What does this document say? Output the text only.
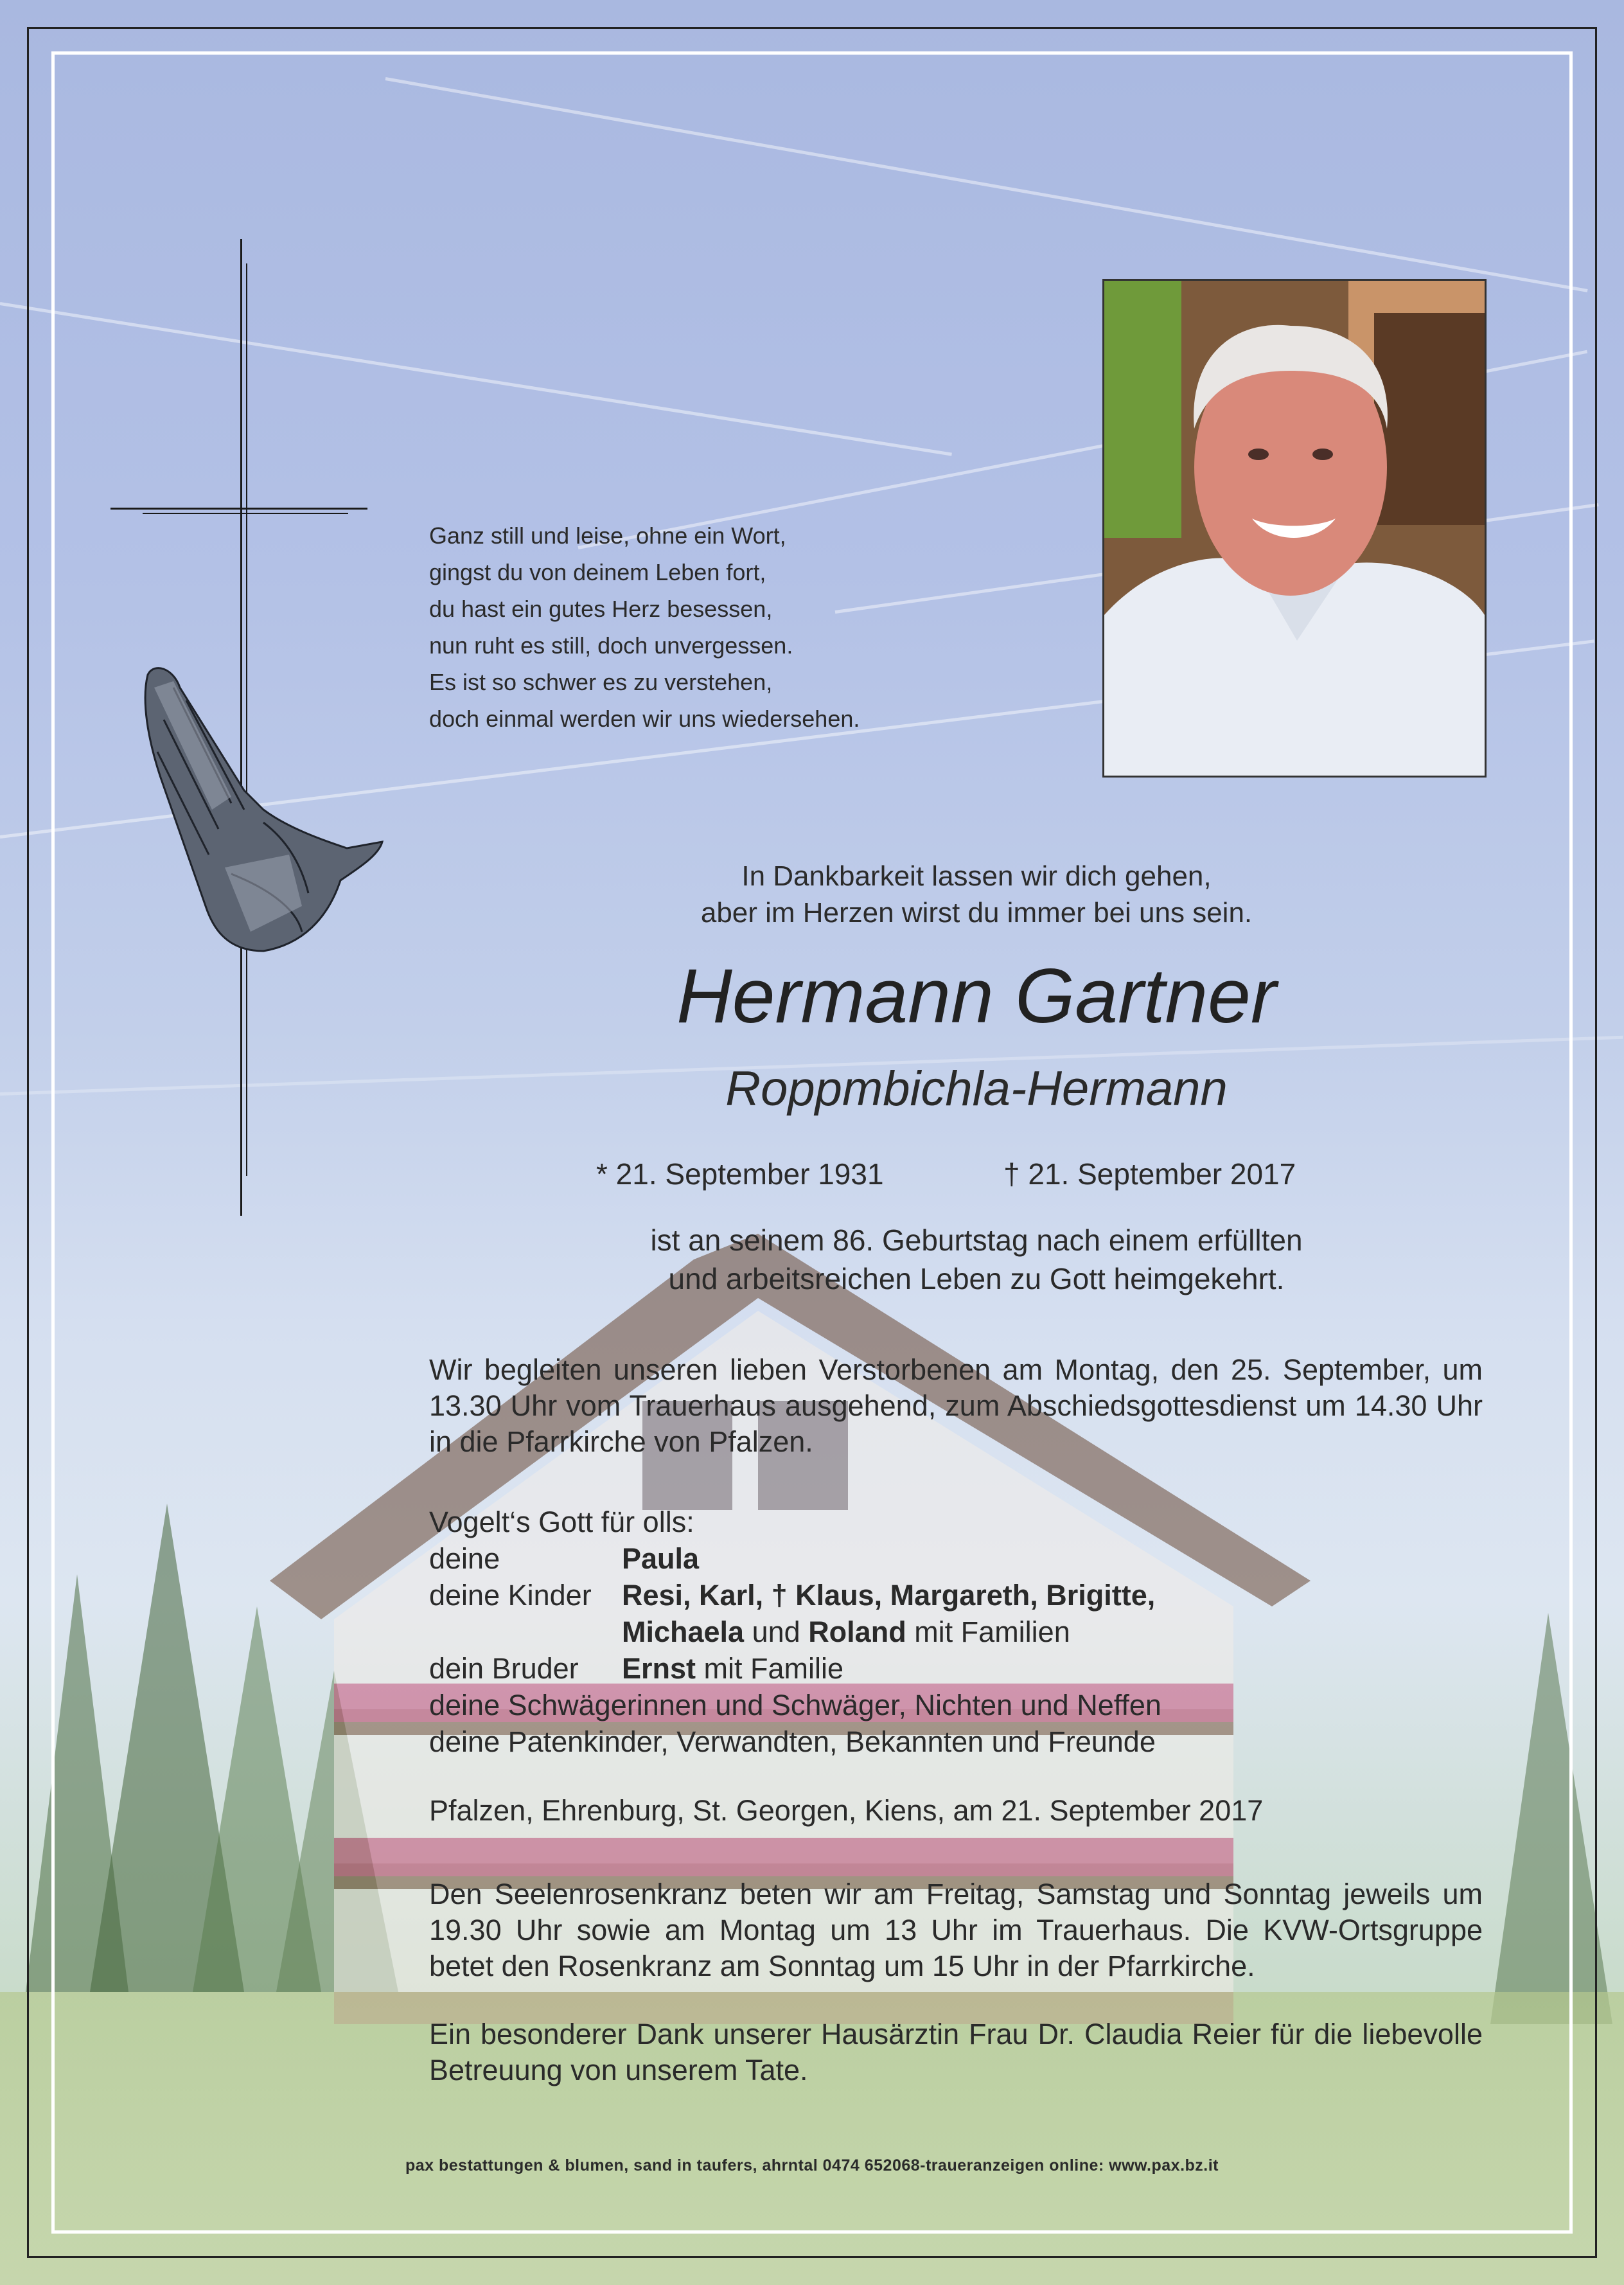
Ganz still und leise, ohne ein Wort,
gingst du von deinem Leben fort,
du hast ein gutes Herz besessen,
nun ruht es still, doch unvergessen.
Es ist so schwer es zu verstehen,
doch einmal werden wir uns wiedersehen.
In Dankbarkeit lassen wir dich gehen,
aber im Herzen wirst du immer bei uns sein.
Hermann Gartner
Roppmbichla-Hermann
* 21. September 1931	† 21. September 2017
ist an seinem 86. Geburtstag nach einem erfüllten
und arbeitsreichen Leben zu Gott heimgekehrt.
Wir begleiten unseren lieben Verstorbenen am Montag, den 25. September, um 13.30 Uhr vom Trauerhaus ausgehend, zum Abschiedsgottesdienst um 14.30 Uhr in die Pfarrkirche von Pfalzen.
Vogelt‘s Gott für olls:
deine	Paula
deine Kinder	Resi, Karl, † Klaus, Margareth, Brigitte,
Michaela und Roland mit Familien
dein Bruder	Ernst mit Familie
deine Schwägerinnen und Schwäger, Nichten und Neffen
deine Patenkinder, Verwandten, Bekannten und Freunde
Pfalzen, Ehrenburg, St. Georgen, Kiens, am 21. September 2017
Den Seelenrosenkranz beten wir am Freitag, Samstag und Sonntag jeweils um 19.30 Uhr sowie am Montag um 13 Uhr im Trauerhaus. Die KVW-Ortsgruppe betet den Rosenkranz am Sonntag um 15 Uhr in der Pfarrkirche.
Ein besonderer Dank unserer Hausärztin Frau Dr. Claudia Reier für die liebevolle Betreuung von unserem Tate.
pax bestattungen & blumen, sand in taufers, ahrntal 0474 652068-traueranzeigen online: www.pax.bz.it
